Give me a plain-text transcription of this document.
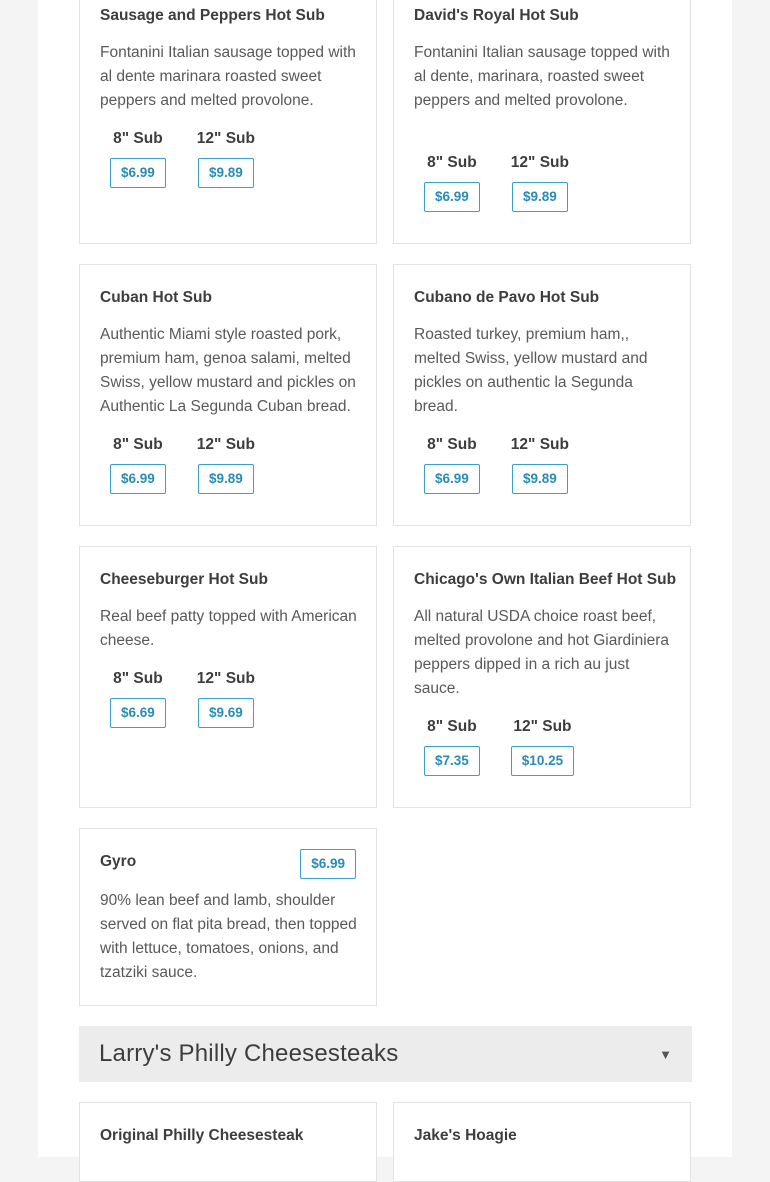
Sausage and Peppers Hot Sub

Fontanini Italian sausage topped with al dente marinara roasted sweet peppers and melted provolone.

8" Sub
$6.99
12" Sub
$9.89
David's Royal Hot Sub

Fontanini Italian sausage topped with al dente, marinara, roasted sweet peppers and melted provolone.

8" Sub
$6.99
12" Sub
$9.89
Cuban Hot Sub

Authentic Miami style roasted pork, premium ham, genoa salami, melted Swiss, yellow mustard and pickles on Authentic La Segunda Cuban bread.

8" Sub
$6.99
12" Sub
$9.89
Cubano de Pavo Hot Sub

Roasted turkey, premium ham,, melted Swiss, yellow mustard and pickles on authentic la Segunda bread.

8" Sub
$6.99
12" Sub
$9.89
Cheeseburger Hot Sub

Real beef patty topped with American cheese.

8" Sub
$6.69
12" Sub
$9.69
Chicago's Own Italian Beef Hot Sub

All natural USDA choice roast beef, melted provolone and hot Giardiniera peppers dipped in a rich au just sauce.

8" Sub
$7.35
12" Sub
$10.25
Gyro	$6.99

90% lean beef and lamb, shoulder served on flat pita bread, then topped with lettuce, tomatoes, onions, and tzatziki sauce.

Larry's Philly Cheesesteaks	▼
Original Philly Cheesesteak	Jake's Hoagie
